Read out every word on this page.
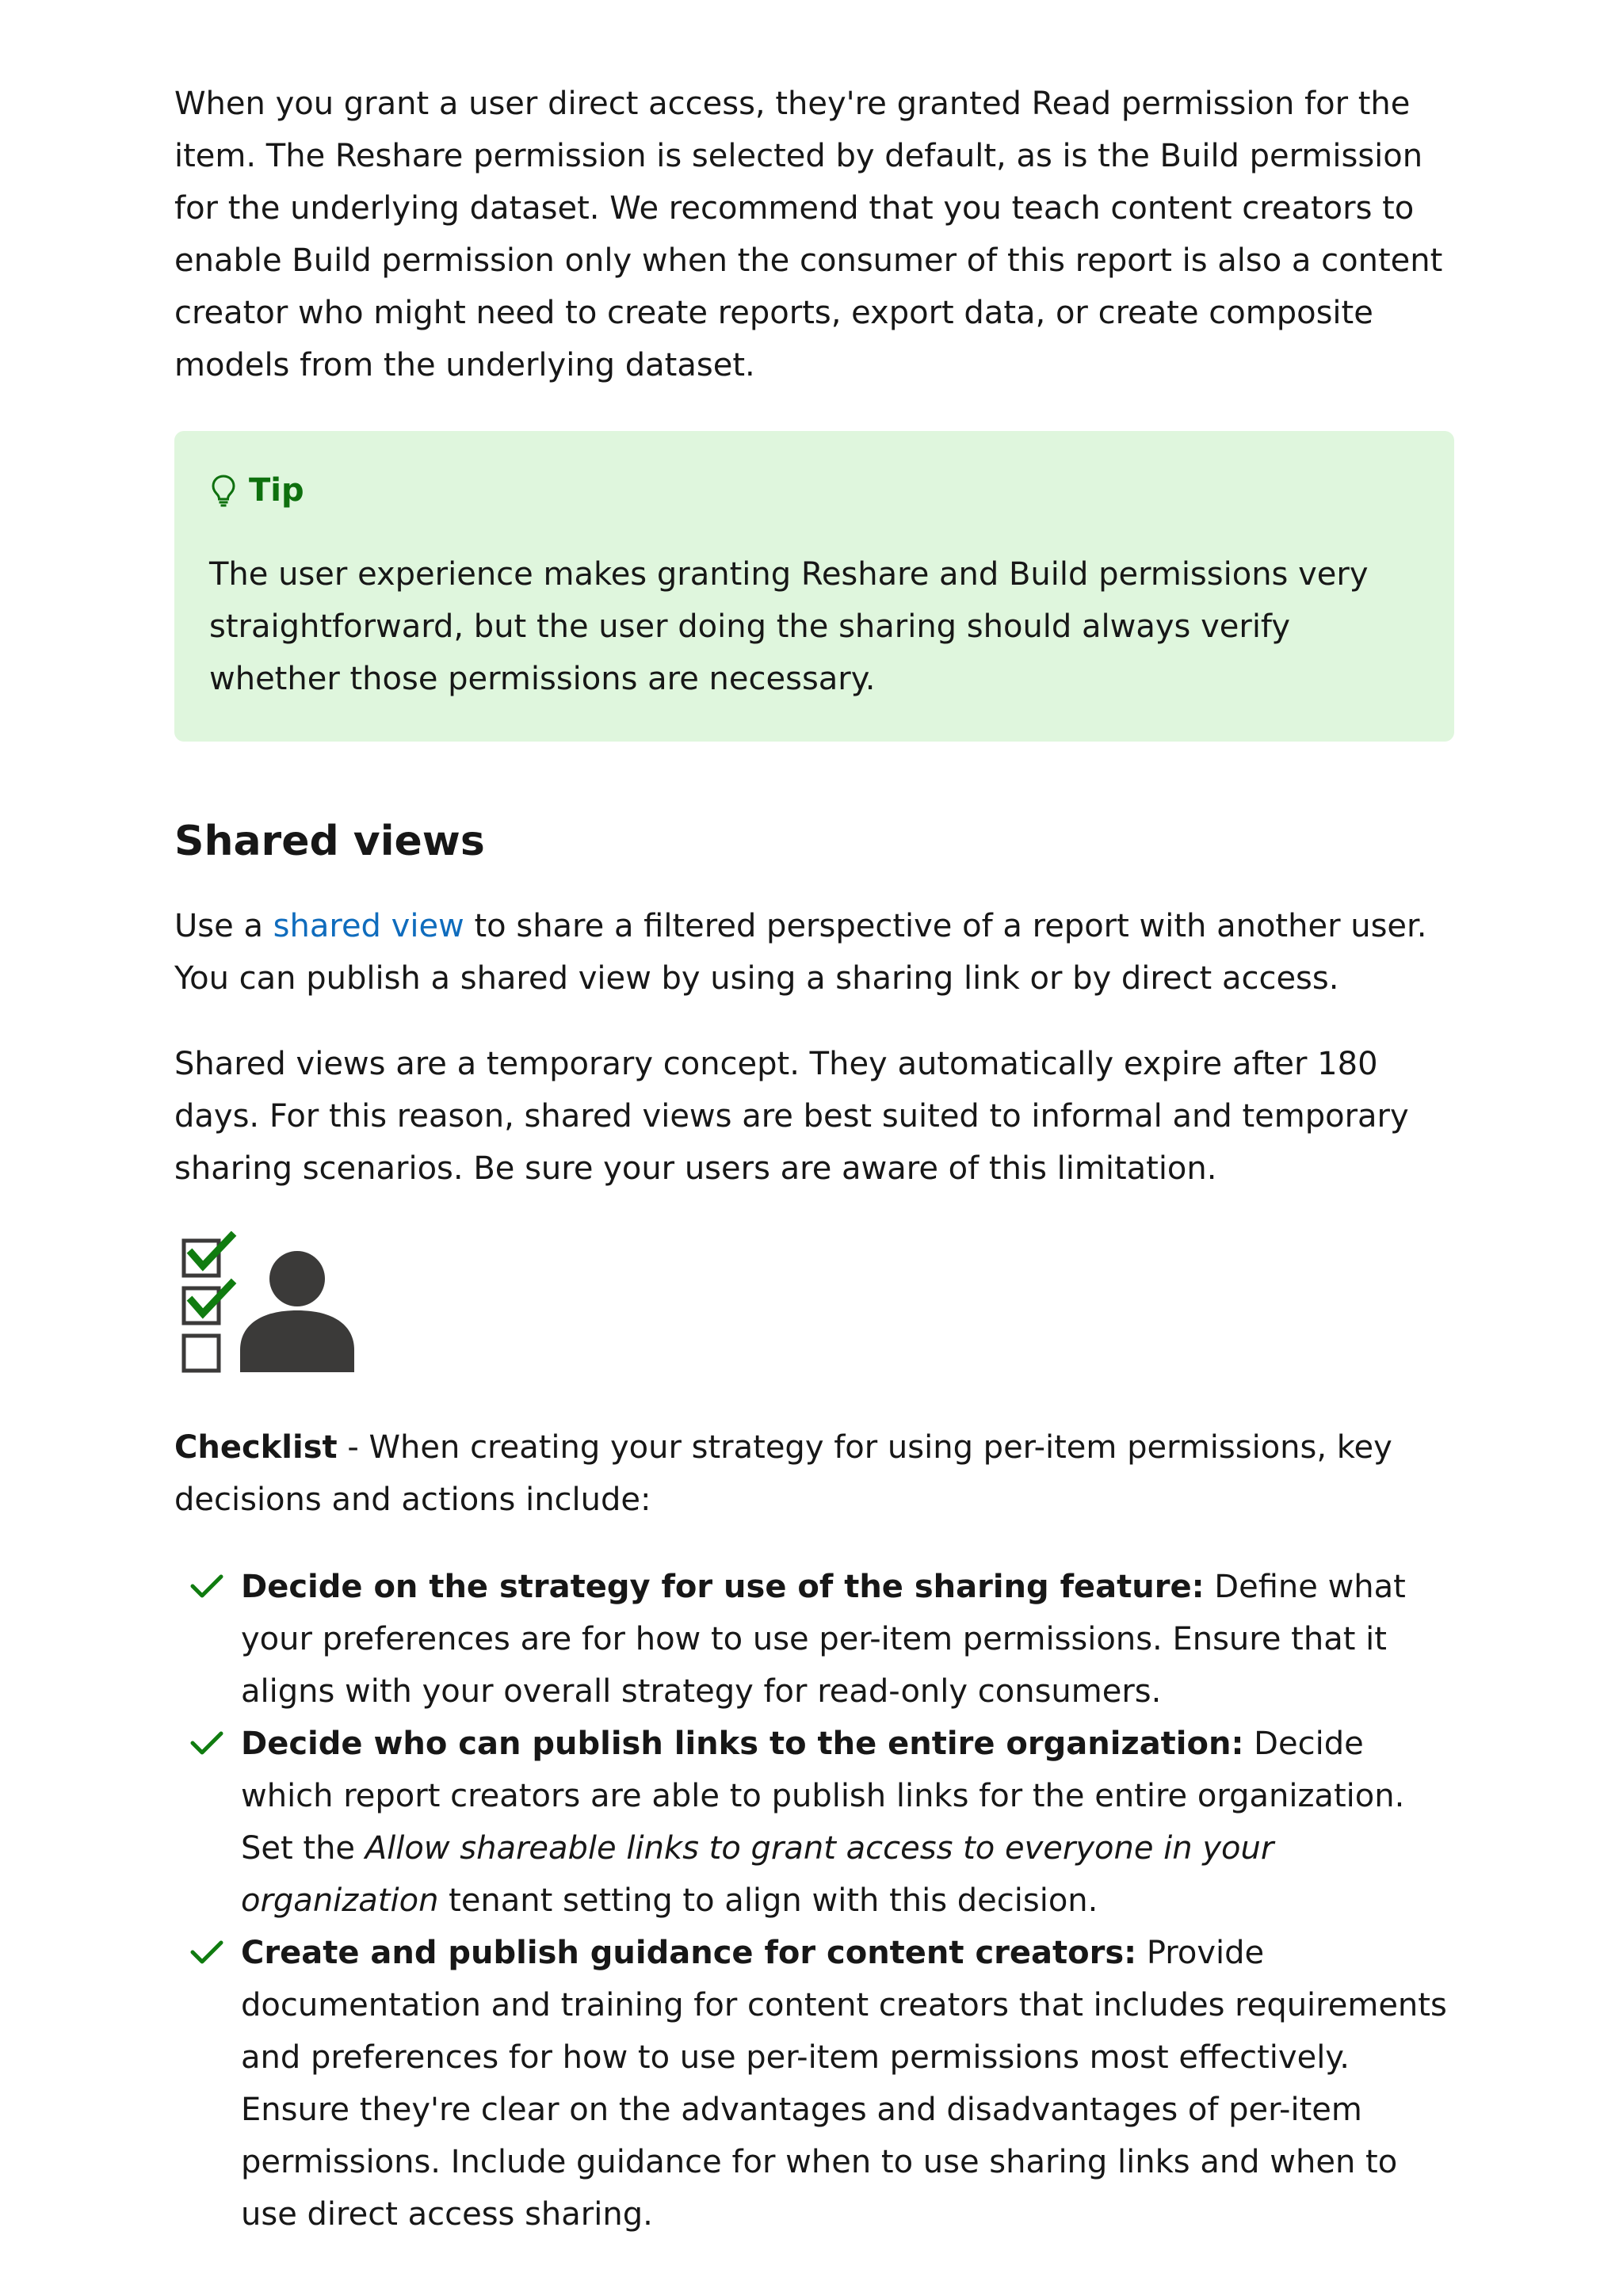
When you grant a user direct access, they're granted Read permission for the item. The Reshare permission is selected by default, as is the Build permission for the underlying dataset. We recommend that you teach content creators to enable Build permission only when the consumer of this report is also a content creator who might need to create reports, export data, or create composite models from the underlying dataset.

Tip

The user experience makes granting Reshare and Build permissions very straightforward, but the user doing the sharing should always verify whether those permissions are necessary.

Shared views

Use a shared view to share a filtered perspective of a report with another user. You can publish a shared view by using a sharing link or by direct access.

Shared views are a temporary concept. They automatically expire after 180 days. For this reason, shared views are best suited to informal and temporary sharing scenarios. Be sure your users are aware of this limitation.

Checklist - When creating your strategy for using per-item permissions, key decisions and actions include:

Decide on the strategy for use of the sharing feature: Define what your preferences are for how to use per-item permissions. Ensure that it aligns with your overall strategy for read-only consumers.
Decide who can publish links to the entire organization: Decide which report creators are able to publish links for the entire organization. Set the Allow shareable links to grant access to everyone in your organization tenant setting to align with this decision.
Create and publish guidance for content creators: Provide documentation and training for content creators that includes requirements and preferences for how to use per-item permissions most effectively. Ensure they're clear on the advantages and disadvantages of per-item permissions. Include guidance for when to use sharing links and when to use direct access sharing.
